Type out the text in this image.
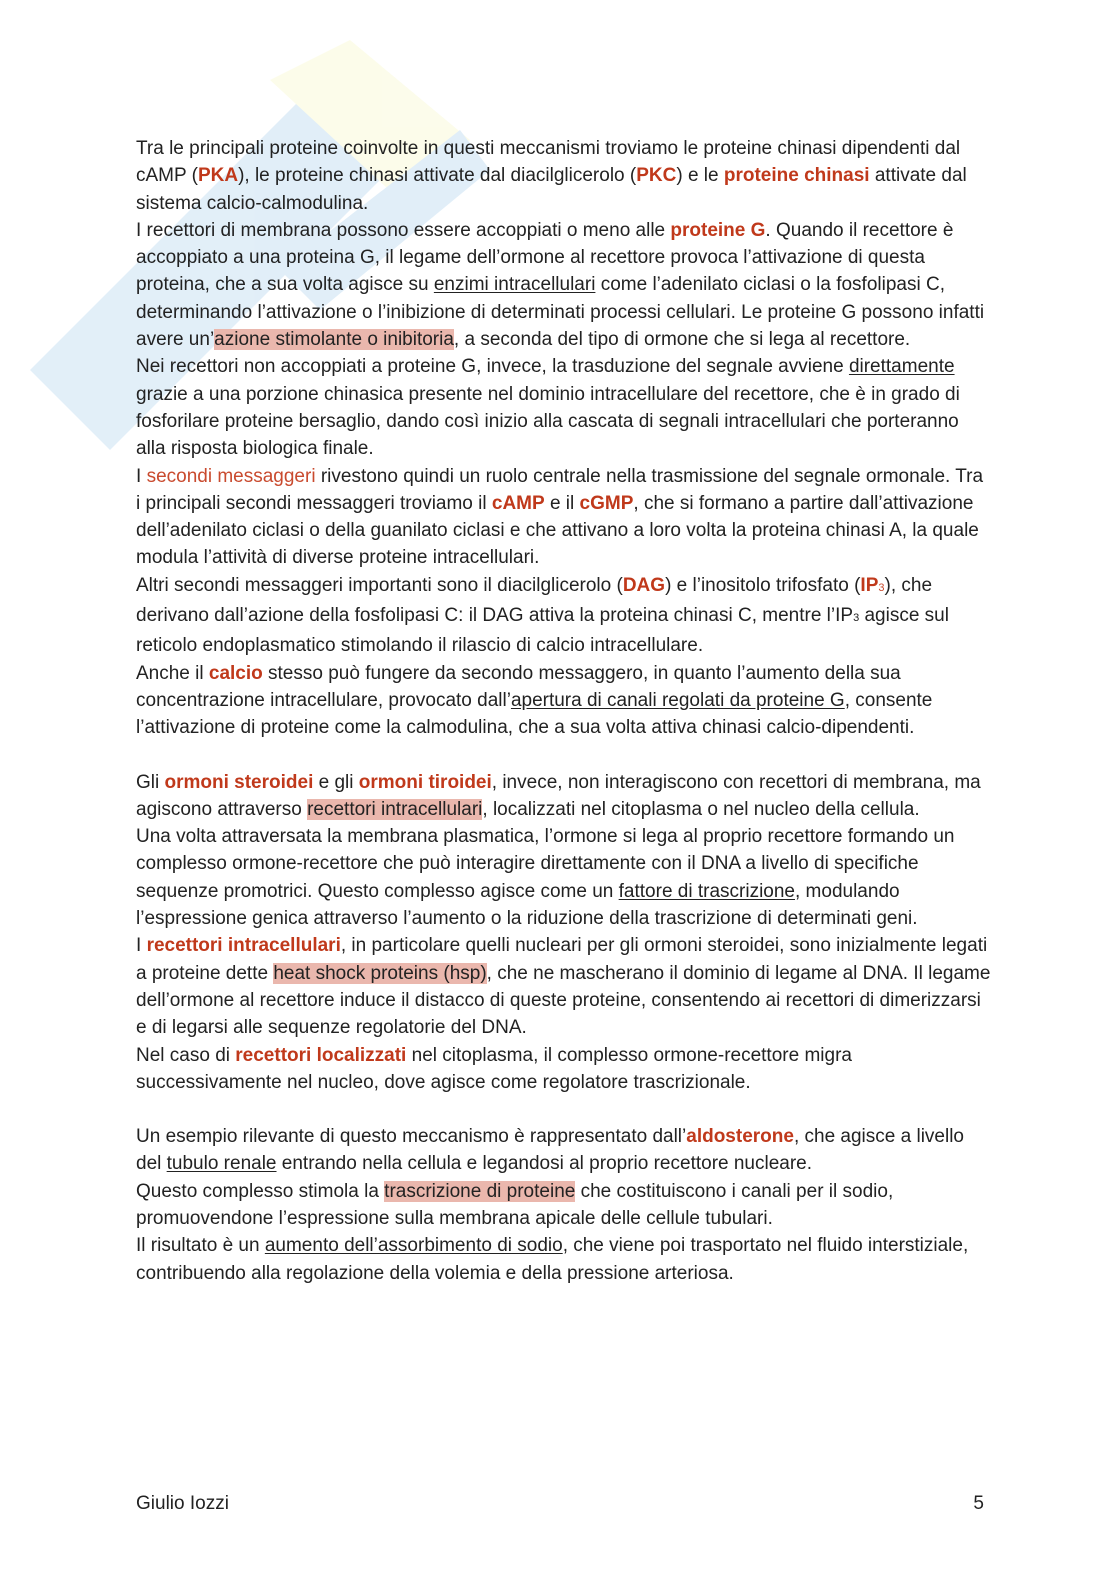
Tra le principali proteine coinvolte in questi meccanismi troviamo le proteine chinasi dipendenti dal cAMP (PKA), le proteine chinasi attivate dal diacilglicerolo (PKC) e le proteine chinasi attivate dal sistema calcio-calmodulina.

I recettori di membrana possono essere accoppiati o meno alle proteine G. Quando il recettore è accoppiato a una proteina G, il legame dell’ormone al recettore provoca l’attivazione di questa proteina, che a sua volta agisce su enzimi intracellulari come l’adenilato ciclasi o la fosfolipasi C, determinando l’attivazione o l’inibizione di determinati processi cellulari. Le proteine G possono infatti avere un’azione stimolante o inibitoria, a seconda del tipo di ormone che si lega al recettore.

Nei recettori non accoppiati a proteine G, invece, la trasduzione del segnale avviene direttamente grazie a una porzione chinasica presente nel dominio intracellulare del recettore, che è in grado di fosforilare proteine bersaglio, dando così inizio alla cascata di segnali intracellulari che porteranno alla risposta biologica finale.

I secondi messaggeri rivestono quindi un ruolo centrale nella trasmissione del segnale ormonale. Tra i principali secondi messaggeri troviamo il cAMP e il cGMP, che si formano a partire dall’attivazione dell’adenilato ciclasi o della guanilato ciclasi e che attivano a loro volta la proteina chinasi A, la quale modula l’attività di diverse proteine intracellulari.

Altri secondi messaggeri importanti sono il diacilglicerolo (DAG) e l’inositolo trifosfato (IP3), che derivano dall’azione della fosfolipasi C: il DAG attiva la proteina chinasi C, mentre l’IP3 agisce sul reticolo endoplasmatico stimolando il rilascio di calcio intracellulare.

Anche il calcio stesso può fungere da secondo messaggero, in quanto l’aumento della sua concentrazione intracellulare, provocato dall’apertura di canali regolati da proteine G, consente l’attivazione di proteine come la calmodulina, che a sua volta attiva chinasi calcio-dipendenti.

Gli ormoni steroidei e gli ormoni tiroidei, invece, non interagiscono con recettori di membrana, ma agiscono attraverso recettori intracellulari, localizzati nel citoplasma o nel nucleo della cellula.

Una volta attraversata la membrana plasmatica, l’ormone si lega al proprio recettore formando un complesso ormone-recettore che può interagire direttamente con il DNA a livello di specifiche sequenze promotrici. Questo complesso agisce come un fattore di trascrizione, modulando l’espressione genica attraverso l’aumento o la riduzione della trascrizione di determinati geni.

I recettori intracellulari, in particolare quelli nucleari per gli ormoni steroidei, sono inizialmente legati a proteine dette heat shock proteins (hsp), che ne mascherano il dominio di legame al DNA. Il legame dell’ormone al recettore induce il distacco di queste proteine, consentendo ai recettori di dimerizzarsi e di legarsi alle sequenze regolatorie del DNA.

Nel caso di recettori localizzati nel citoplasma, il complesso ormone-recettore migra successivamente nel nucleo, dove agisce come regolatore trascrizionale.

Un esempio rilevante di questo meccanismo è rappresentato dall’aldosterone, che agisce a livello del tubulo renale entrando nella cellula e legandosi al proprio recettore nucleare.

Questo complesso stimola la trascrizione di proteine che costituiscono i canali per il sodio, promuovendone l’espressione sulla membrana apicale delle cellule tubulari.

Il risultato è un aumento dell’assorbimento di sodio, che viene poi trasportato nel fluido interstiziale, contribuendo alla regolazione della volemia e della pressione arteriosa.

Giulio Iozzi	5
